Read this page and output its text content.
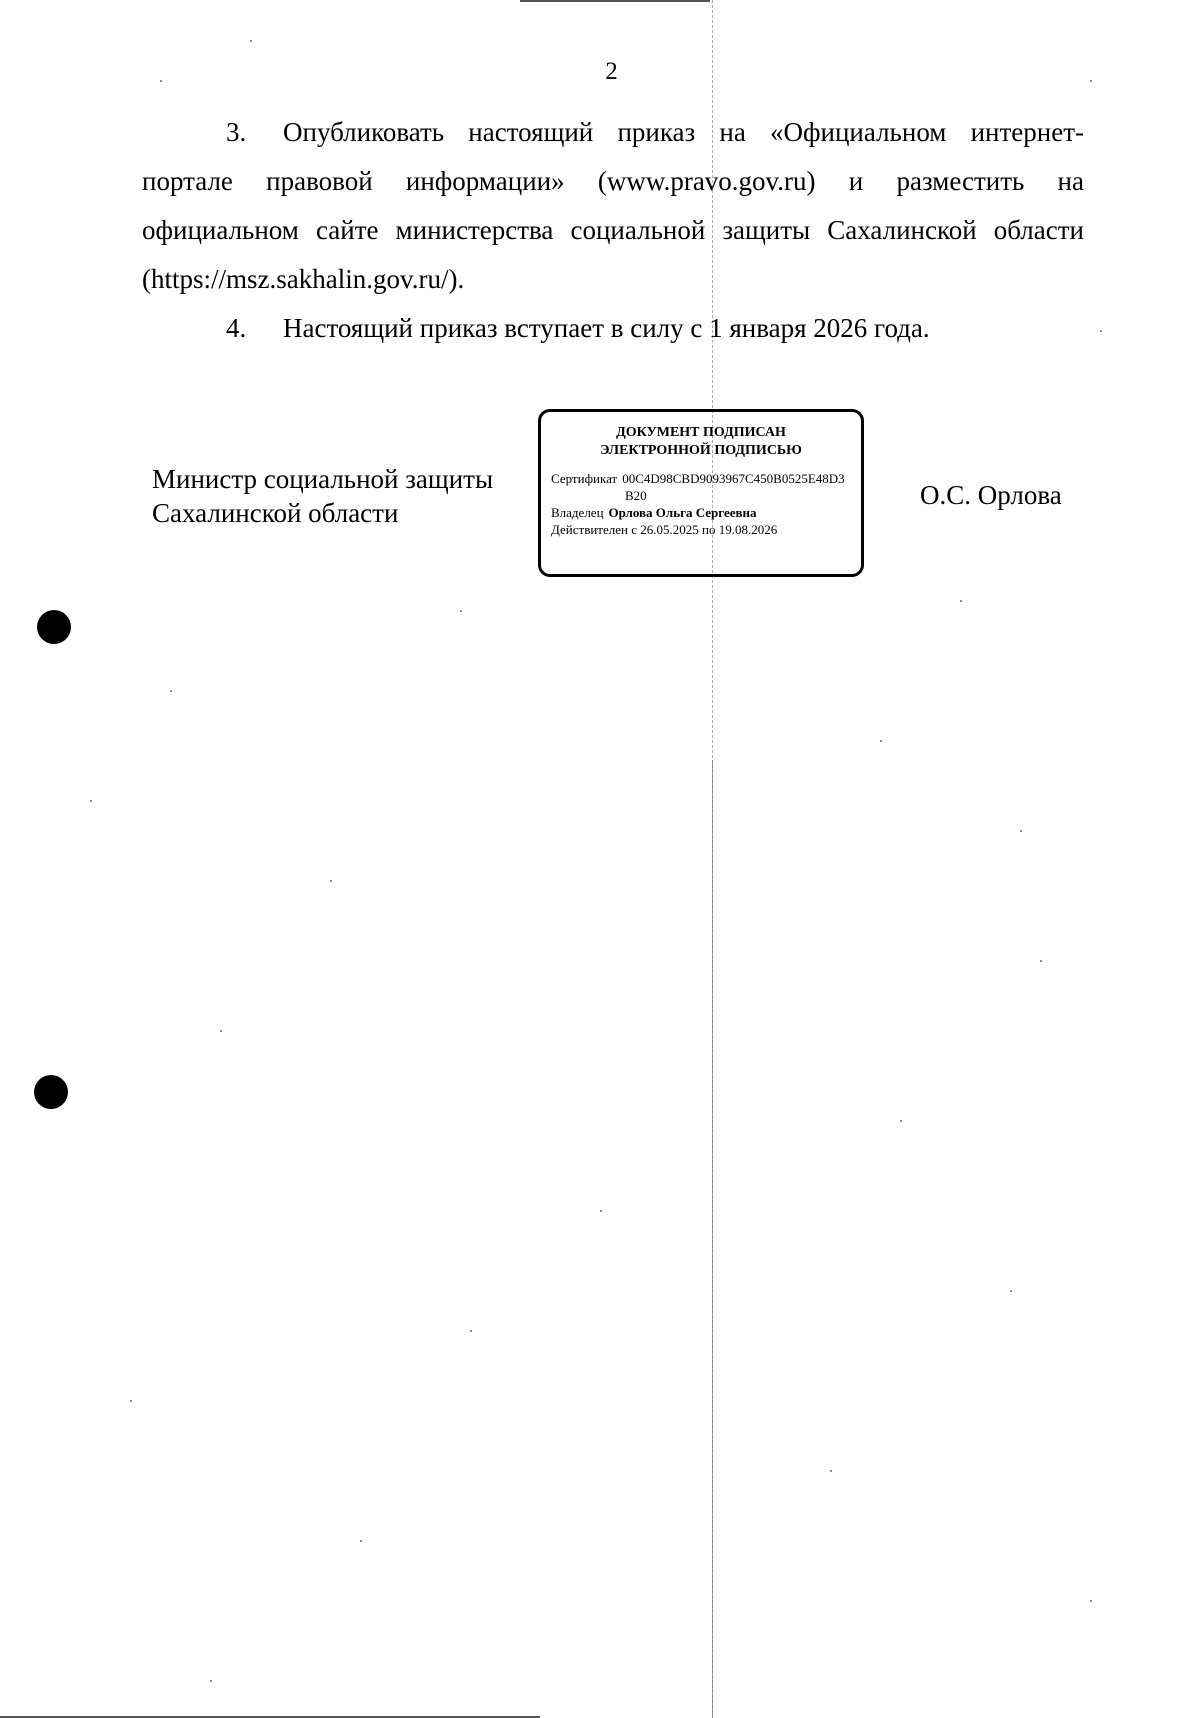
2

3. Опубликовать настоящий приказ на «Официальном интернет-портале правовой информации» (www.pravo.gov.ru) и разместить на официальном сайте министерства социальной защиты Сахалинской области (https://msz.sakhalin.gov.ru/).

4. Настоящий приказ вступает в силу с 1 января 2026 года.

Министр социальной защиты
Сахалинской области
ДОКУМЕНТ ПОДПИСАН
ЭЛЕКТРОННОЙ ПОДПИСЬЮ
Сертификат 00C4D98CBD9093967C450B0525E48D3
B20
Владелец Орлова Ольга Сергеевна
Действителен с 26.05.2025 по 19.08.2026
О.С. Орлова
